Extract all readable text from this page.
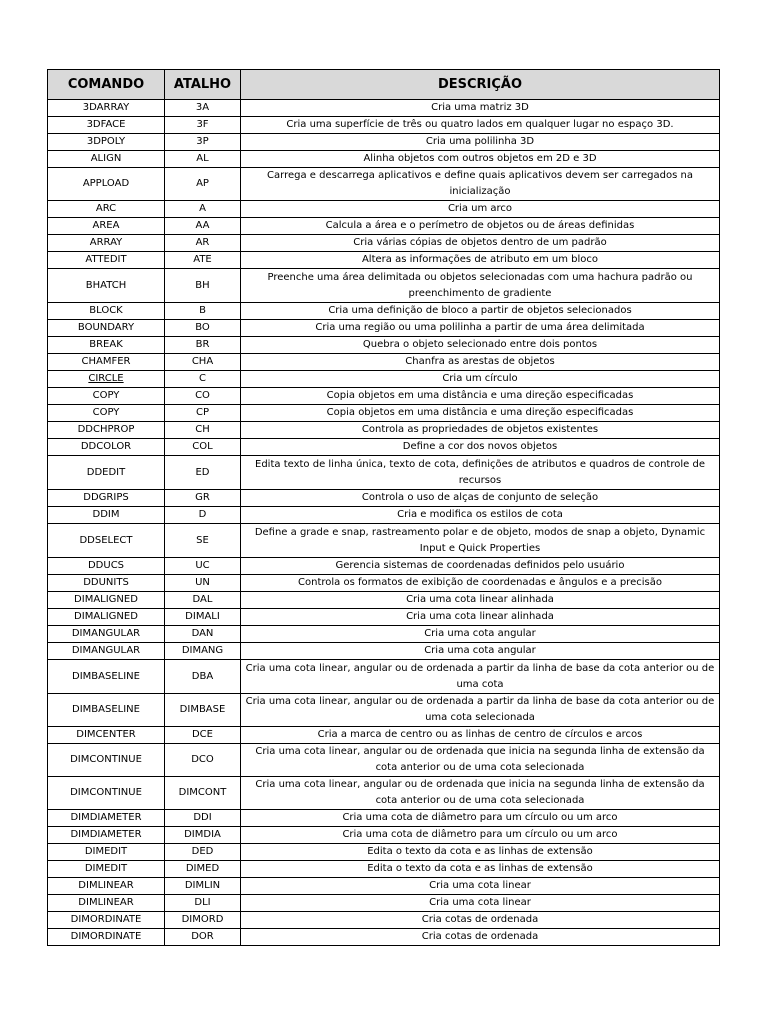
COMANDO	ATALHO	DESCRIÇÃO
3DARRAY	3A	Cria uma matriz 3D
3DFACE	3F	Cria uma superfície de três ou quatro lados em qualquer lugar no espaço 3D.
3DPOLY	3P	Cria uma polilinha 3D
ALIGN	AL	Alinha objetos com outros objetos em 2D e 3D
APPLOAD	AP	Carrega e descarrega aplicativos e define quais aplicativos devem ser carregados na inicialização
ARC	A	Cria um arco
AREA	AA	Calcula a área e o perímetro de objetos ou de áreas definidas
ARRAY	AR	Cria várias cópias de objetos dentro de um padrão
ATTEDIT	ATE	Altera as informações de atributo em um bloco
BHATCH	BH	Preenche uma área delimitada ou objetos selecionadas com uma hachura padrão ou preenchimento de gradiente
BLOCK	B	Cria uma definição de bloco a partir de objetos selecionados
BOUNDARY	BO	Cria uma região ou uma polilinha a partir de uma área delimitada
BREAK	BR	Quebra o objeto selecionado entre dois pontos
CHAMFER	CHA	Chanfra as arestas de objetos
CIRCLE	C	Cria um círculo
COPY	CO	Copia objetos em uma distância e uma direção especificadas
COPY	CP	Copia objetos em uma distância e uma direção especificadas
DDCHPROP	CH	Controla as propriedades de objetos existentes
DDCOLOR	COL	Define a cor dos novos objetos
DDEDIT	ED	Edita texto de linha única, texto de cota, definições de atributos e quadros de controle de recursos
DDGRIPS	GR	Controla o uso de alças de conjunto de seleção
DDIM	D	Cria e modifica os estilos de cota
DDSELECT	SE	Define a grade e snap, rastreamento polar e de objeto, modos de snap a objeto, Dynamic Input e Quick Properties
DDUCS	UC	Gerencia sistemas de coordenadas definidos pelo usuário
DDUNITS	UN	Controla os formatos de exibição de coordenadas e ângulos e a precisão
DIMALIGNED	DAL	Cria uma cota linear alinhada
DIMALIGNED	DIMALI	Cria uma cota linear alinhada
DIMANGULAR	DAN	Cria uma cota angular
DIMANGULAR	DIMANG	Cria uma cota angular
DIMBASELINE	DBA	Cria uma cota linear, angular ou de ordenada a partir da linha de base da cota anterior ou de uma cota
DIMBASELINE	DIMBASE	Cria uma cota linear, angular ou de ordenada a partir da linha de base da cota anterior ou de uma cota selecionada
DIMCENTER	DCE	Cria a marca de centro ou as linhas de centro de círculos e arcos
DIMCONTINUE	DCO	Cria uma cota linear, angular ou de ordenada que inicia na segunda linha de extensão da cota anterior ou de uma cota selecionada
DIMCONTINUE	DIMCONT	Cria uma cota linear, angular ou de ordenada que inicia na segunda linha de extensão da cota anterior ou de uma cota selecionada
DIMDIAMETER	DDI	Cria uma cota de diâmetro para um círculo ou um arco
DIMDIAMETER	DIMDIA	Cria uma cota de diâmetro para um círculo ou um arco
DIMEDIT	DED	Edita o texto da cota e as linhas de extensão
DIMEDIT	DIMED	Edita o texto da cota e as linhas de extensão
DIMLINEAR	DIMLIN	Cria uma cota linear
DIMLINEAR	DLI	Cria uma cota linear
DIMORDINATE	DIMORD	Cria cotas de ordenada
DIMORDINATE	DOR	Cria cotas de ordenada
